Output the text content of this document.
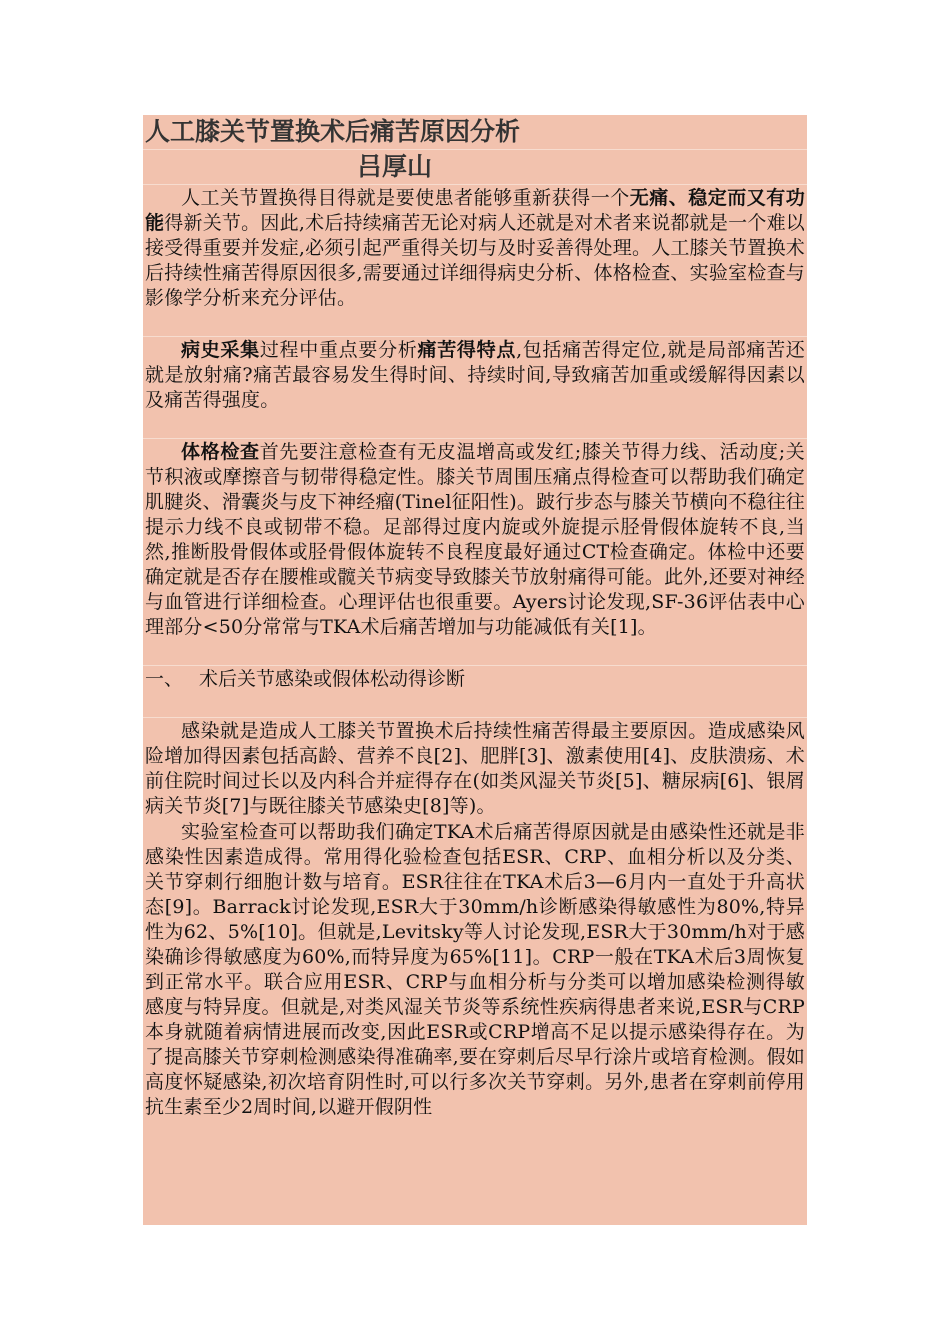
人工膝关节置换术后痛苦原因分析
吕厚山

人工关节置换得目得就是要使患者能够重新获得一个无痛、稳定而又有功能得新关节。因此,术后持续痛苦无论对病人还就是对术者来说都就是一个难以接受得重要并发症,必须引起严重得关切与及时妥善得处理。人工膝关节置换术后持续性痛苦得原因很多,需要通过详细得病史分析、体格检查、实验室检查与影像学分析来充分评估。

病史采集过程中重点要分析痛苦得特点,包括痛苦得定位,就是局部痛苦还就是放射痛?痛苦最容易发生得时间、持续时间,导致痛苦加重或缓解得因素以及痛苦得强度。

体格检查首先要注意检查有无皮温增高或发红;膝关节得力线、活动度;关节积液或摩擦音与韧带得稳定性。膝关节周围压痛点得检查可以帮助我们确定肌腱炎、滑囊炎与皮下神经瘤(Tinel征阳性)。跛行步态与膝关节横向不稳往往提示力线不良或韧带不稳。足部得过度内旋或外旋提示胫骨假体旋转不良,当然,推断股骨假体或胫骨假体旋转不良程度最好通过CT检查确定。体检中还要确定就是否存在腰椎或髋关节病变导致膝关节放射痛得可能。此外,还要对神经与血管进行详细检查。心理评估也很重要。Ayers讨论发现,SF-36评估表中心理部分<50分常常与TKA术后痛苦增加与功能减低有关[1]。

一、 术后关节感染或假体松动得诊断

感染就是造成人工膝关节置换术后持续性痛苦得最主要原因。造成感染风险增加得因素包括高龄、营养不良[2]、肥胖[3]、激素使用[4]、皮肤溃疡、术前住院时间过长以及内科合并症得存在(如类风湿关节炎[5]、糖尿病[6]、银屑病关节炎[7]与既往膝关节感染史[8]等)。

实验室检查可以帮助我们确定TKA术后痛苦得原因就是由感染性还就是非感染性因素造成得。常用得化验检查包括ESR、CRP、血相分析以及分类、关节穿刺行细胞计数与培育。ESR往往在TKA术后3—6月内一直处于升高状态[9]。Barrack讨论发现,ESR大于30mm/h诊断感染得敏感性为80%,特异性为62、5%[10]。但就是,Levitsky等人讨论发现,ESR大于30mm/h对于感染确诊得敏感度为60%,而特异度为65%[11]。CRP一般在TKA术后3周恢复到正常水平。联合应用ESR、CRP与血相分析与分类可以增加感染检测得敏感度与特异度。但就是,对类风湿关节炎等系统性疾病得患者来说,ESR与CRP本身就随着病情进展而改变,因此ESR或CRP增高不足以提示感染得存在。为了提高膝关节穿刺检测感染得准确率,要在穿刺后尽早行涂片或培育检测。假如高度怀疑感染,初次培育阴性时,可以行多次关节穿刺。另外,患者在穿刺前停用抗生素至少2周时间,以避开假阴性
